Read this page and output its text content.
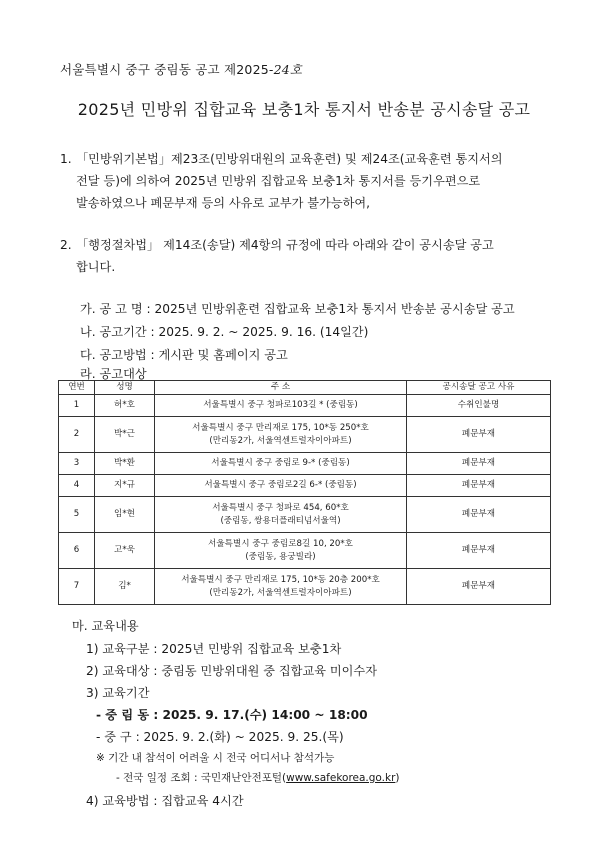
서울특별시 중구 중림동 공고 제2025-24호
2025년 민방위 집합교육 보충1차 통지서 반송분 공시송달 공고
1. 「민방위기본법」제23조(민방위대원의 교육훈련) 및 제24조(교육훈련 통지서의
전달 등)에 의하여 2025년 민방위 집합교육 보충1차 통지서를 등기우편으로
발송하였으나 폐문부재 등의 사유로 교부가 불가능하여,
2. 「행정절차법」 제14조(송달) 제4항의 규정에 따라 아래와 같이 공시송달 공고
합니다.
가. 공 고 명 : 2025년 민방위훈련 집합교육 보충1차 통지서 반송분 공시송달 공고
나. 공고기간 : 2025. 9. 2. ~ 2025. 9. 16. (14일간)
다. 공고방법 : 게시판 및 홈페이지 공고
라. 공고대상
연번	성명	주 소	공시송달 공고 사유
1	허*호	서울특별시 중구 청파로103길 * (중림동)	수취인불명
2	박*근	서울특별시 중구 만리재로 175, 10*동 250*호
(만리동2가, 서울역센트럴자이아파트)	폐문부재
3	박*환	서울특별시 중구 중림로 9-* (중림동)	폐문부재
4	지*규	서울특별시 중구 중림로2길 6-* (중림동)	폐문부재
5	임*현	서울특별시 중구 청파로 454, 60*호
(중림동, 쌍용더플래티넘서울역)	폐문부재
6	고*욱	서울특별시 중구 중림로8길 10, 20*호
(중림동, 용궁빌라)	폐문부재
7	김*	서울특별시 중구 만리재로 175, 10*동 20층 200*호
(만리동2가, 서울역센트럴자이아파트)	폐문부재
마. 교육내용
1) 교육구분 : 2025년 민방위 집합교육 보충1차
2) 교육대상 : 중림동 민방위대원 중 집합교육 미이수자
3) 교육기간
- 중 림 동 : 2025. 9. 17.(수) 14:00 ~ 18:00
- 중 구 : 2025. 9. 2.(화) ~ 2025. 9. 25.(목)
※ 기간 내 참석이 어려울 시 전국 어디서나 참석가능
- 전국 일정 조회 : 국민재난안전포털(www.safekorea.go.kr)
4) 교육방법 : 집합교육 4시간
